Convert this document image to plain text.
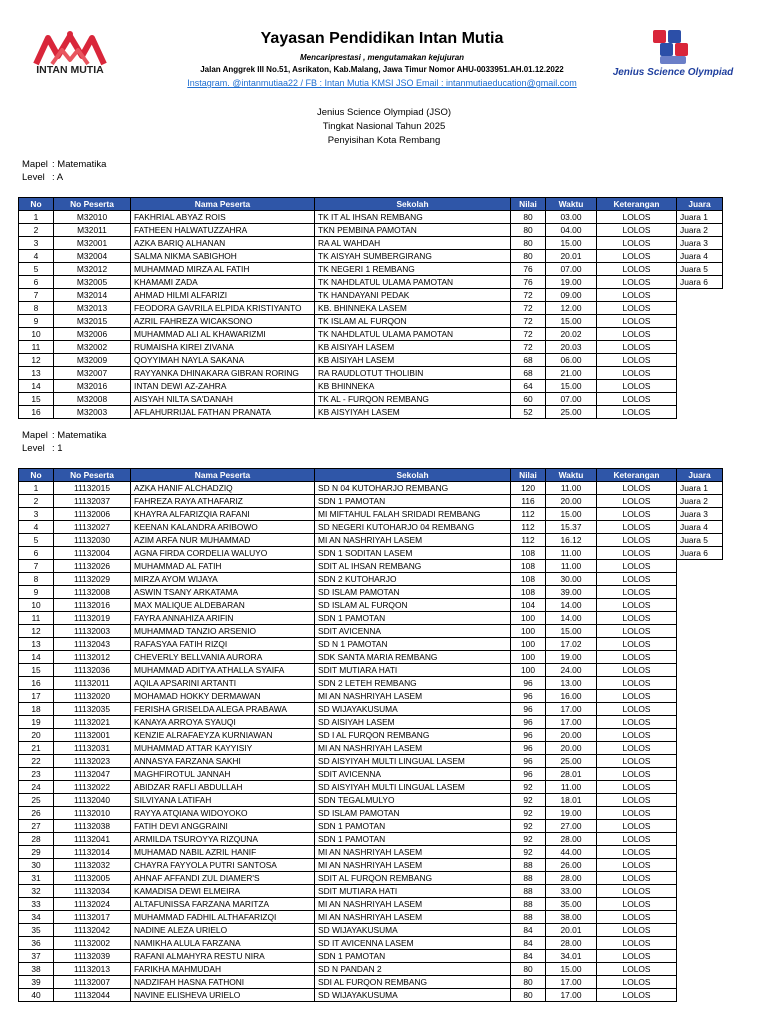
INTAN MUTIA
Yayasan Pendidikan Intan Mutia
Mencariprestasi , mengutamakan kejujuran
Jalan Anggrek III No.51, Asrikaton, Kab.Malang, Jawa Timur Nomor AHU-0033951.AH.01.12.2022
Instagram. @intanmutiaa22 / FB : Intan Mutia KMSI JSO Email : intanmutiaeducation@gmail.com
Jenius Science Olympiad
Jenius Science Olympiad (JSO)
Tingkat Nasional Tahun 2025
Penyisihan Kota Rembang
Mapel : Matematika
Level : A
No	No Peserta	Nama Peserta	Sekolah	Nilai	Waktu	Keterangan	Juara
1	M32010	FAKHRIAL ABYAZ ROIS	TK IT AL IHSAN REMBANG	80	03.00	LOLOS	Juara 1
2	M32011	FATHEEN HALWATUZZAHRA	TKN PEMBINA PAMOTAN	80	04.00	LOLOS	Juara 2
3	M32001	AZKA BARIQ ALHANAN	RA AL WAHDAH	80	15.00	LOLOS	Juara 3
4	M32004	SALMA NIKMA SABIGHOH	TK AISYAH SUMBERGIRANG	80	20.01	LOLOS	Juara 4
5	M32012	MUHAMMAD MIRZA AL FATIH	TK NEGERI 1 REMBANG	76	07.00	LOLOS	Juara 5
6	M32005	KHAMAMI ZADA	TK NAHDLATUL ULAMA PAMOTAN	76	19.00	LOLOS	Juara 6
7	M32014	AHMAD HILMI ALFARIZI	TK HANDAYANI PEDAK	72	09.00	LOLOS	
8	M32013	FEODORA GAVRILA ELPIDA KRISTIYANTO	KB. BHINNEKA LASEM	72	12.00	LOLOS	
9	M32015	AZRIL FAHREZA WICAKSONO	TK ISLAM AL FURQON	72	15.00	LOLOS	
10	M32006	MUHAMMAD ALI AL KHAWARIZMI	TK NAHDLATUL ULAMA PAMOTAN	72	20.02	LOLOS	
11	M32002	RUMAISHA KIREI ZIVANA	KB AISIYAH LASEM	72	20.03	LOLOS	
12	M32009	QOYYIMAH NAYLA SAKANA	KB AISIYAH LASEM	68	06.00	LOLOS	
13	M32007	RAYYANKA DHINAKARA GIBRAN RORING	RA RAUDLOTUT THOLIBIN	68	21.00	LOLOS	
14	M32016	INTAN DEWI AZ-ZAHRA	KB BHINNEKA	64	15.00	LOLOS	
15	M32008	AISYAH NILTA SA'DANAH	TK AL - FURQON REMBANG	60	07.00	LOLOS	
16	M32003	AFLAHURRIJAL FATHAN PRANATA	KB AISYIYAH LASEM	52	25.00	LOLOS	
Mapel : Matematika
Level : 1
No	No Peserta	Nama Peserta	Sekolah	Nilai	Waktu	Keterangan	Juara
1	11132015	AZKA HANIF ALCHADZIQ	SD N 04 KUTOHARJO REMBANG	120	11.00	LOLOS	Juara 1
2	11132037	FAHREZA RAYA ATHAFARIZ	SDN 1 PAMOTAN	116	20.00	LOLOS	Juara 2
3	11132006	KHAYRA ALFARIZQIA RAFANI	MI MIFTAHUL FALAH SRIDADI REMBANG	112	15.00	LOLOS	Juara 3
4	11132027	KEENAN KALANDRA ARIBOWO	SD NEGERI KUTOHARJO 04 REMBANG	112	15.37	LOLOS	Juara 4
5	11132030	AZIM ARFA NUR MUHAMMAD	MI AN NASHRIYAH LASEM	112	16.12	LOLOS	Juara 5
6	11132004	AGNA FIRDA CORDELIA WALUYO	SDN 1 SODITAN LASEM	108	11.00	LOLOS	Juara 6
7	11132026	MUHAMMAD AL FATIH	SDIT AL IHSAN REMBANG	108	11.00	LOLOS	
8	11132029	MIRZA AYOM WIJAYA	SDN 2 KUTOHARJO	108	30.00	LOLOS	
9	11132008	ASWIN TSANY ARKATAMA	SD ISLAM PAMOTAN	108	39.00	LOLOS	
10	11132016	MAX MALIQUE ALDEBARAN	SD ISLAM AL FURQON	104	14.00	LOLOS	
11	11132019	FAYRA ANNAHIZA ARIFIN	SDN 1 PAMOTAN	100	14.00	LOLOS	
12	11132003	MUHAMMAD TANZIO ARSENIO	SDIT AVICENNA	100	15.00	LOLOS	
13	11132043	RAFASYAA FATIH RIZQI	SD N 1 PAMOTAN	100	17.02	LOLOS	
14	11132012	CHEVERLY BELLVANIA AURORA	SDK SANTA MARIA REMBANG	100	19.00	LOLOS	
15	11132036	MUHAMMAD ADITYA ATHALLA SYAIFA	SDIT MUTIARA HATI	100	24.00	LOLOS	
16	11132011	AQILA APSARINI ARTANTI	SDN 2 LETEH REMBANG	96	13.00	LOLOS	
17	11132020	MOHAMAD HOKKY DERMAWAN	MI AN NASHRIYAH LASEM	96	16.00	LOLOS	
18	11132035	FERISHA GRISELDA ALEGA PRABAWA	SD WIJAYAKUSUMA	96	17.00	LOLOS	
19	11132021	KANAYA ARROYA SYAUQI	SD AISIYAH LASEM	96	17.00	LOLOS	
20	11132001	KENZIE ALRAFAEYZA KURNIAWAN	SD I AL FURQON REMBANG	96	20.00	LOLOS	
21	11132031	MUHAMMAD ATTAR KAYYISIY	MI AN NASHRIYAH LASEM	96	20.00	LOLOS	
22	11132023	ANNASYA FARZANA SAKHI	SD AISYIYAH MULTI LINGUAL LASEM	96	25.00	LOLOS	
23	11132047	MAGHFIROTUL JANNAH	SDIT AVICENNA	96	28.01	LOLOS	
24	11132022	ABIDZAR RAFLI ABDULLAH	SD AISYIYAH MULTI LINGUAL LASEM	92	11.00	LOLOS	
25	11132040	SILVIYANA LATIFAH	SDN TEGALMULYO	92	18.01	LOLOS	
26	11132010	RAYYA ATQIANA WIDOYOKO	SD ISLAM PAMOTAN	92	19.00	LOLOS	
27	11132038	FATIH DEVI ANGGRAINI	SDN 1 PAMOTAN	92	27.00	LOLOS	
28	11132041	ARMILDA TSUROYYA RIZQUNA	SDN 1 PAMOTAN	92	28.00	LOLOS	
29	11132014	MUHAMAD NABIL AZRIL HANIF	MI AN NASHRIYAH LASEM	92	44.00	LOLOS	
30	11132032	CHAYRA FAYYOLA PUTRI SANTOSA	MI AN NASHRIYAH LASEM	88	26.00	LOLOS	
31	11132005	AHNAF AFFANDI ZUL DIAMER'S	SDIT AL FURQON REMBANG	88	28.00	LOLOS	
32	11132034	KAMADISA DEWI ELMEIRA	SDIT MUTIARA HATI	88	33.00	LOLOS	
33	11132024	ALTAFUNISSA FARZANA MARITZA	MI AN NASHRIYAH LASEM	88	35.00	LOLOS	
34	11132017	MUHAMMAD FADHIL ALTHAFARIZQI	MI AN NASHRIYAH LASEM	88	38.00	LOLOS	
35	11132042	NADINE ALEZA URIELO	SD WIJAYAKUSUMA	84	20.01	LOLOS	
36	11132002	NAMIKHA ALULA FARZANA	SD IT AVICENNA LASEM	84	28.00	LOLOS	
37	11132039	RAFANI ALMAHYRA RESTU NIRA	SDN 1 PAMOTAN	84	34.01	LOLOS	
38	11132013	FARIKHA MAHMUDAH	SD N PANDAN 2	80	15.00	LOLOS	
39	11132007	NADZIFAH HASNA FATHONI	SDI AL FURQON REMBANG	80	17.00	LOLOS	
40	11132044	NAVINE ELISHEVA URIELO	SD WIJAYAKUSUMA	80	17.00	LOLOS	
